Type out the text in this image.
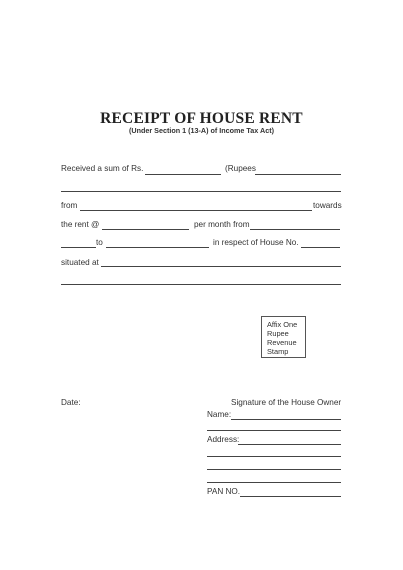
RECEIPT OF HOUSE RENT
(Under Section 1 (13-A) of Income Tax Act)
Received a sum of Rs.	(Rupees
from	towards
the rent @	per month from
to	in respect of House No.
situated at
Affix One
Rupee
Revenue
Stamp
Date:	Signature of the House Owner
Name:
Address:
PAN NO.
